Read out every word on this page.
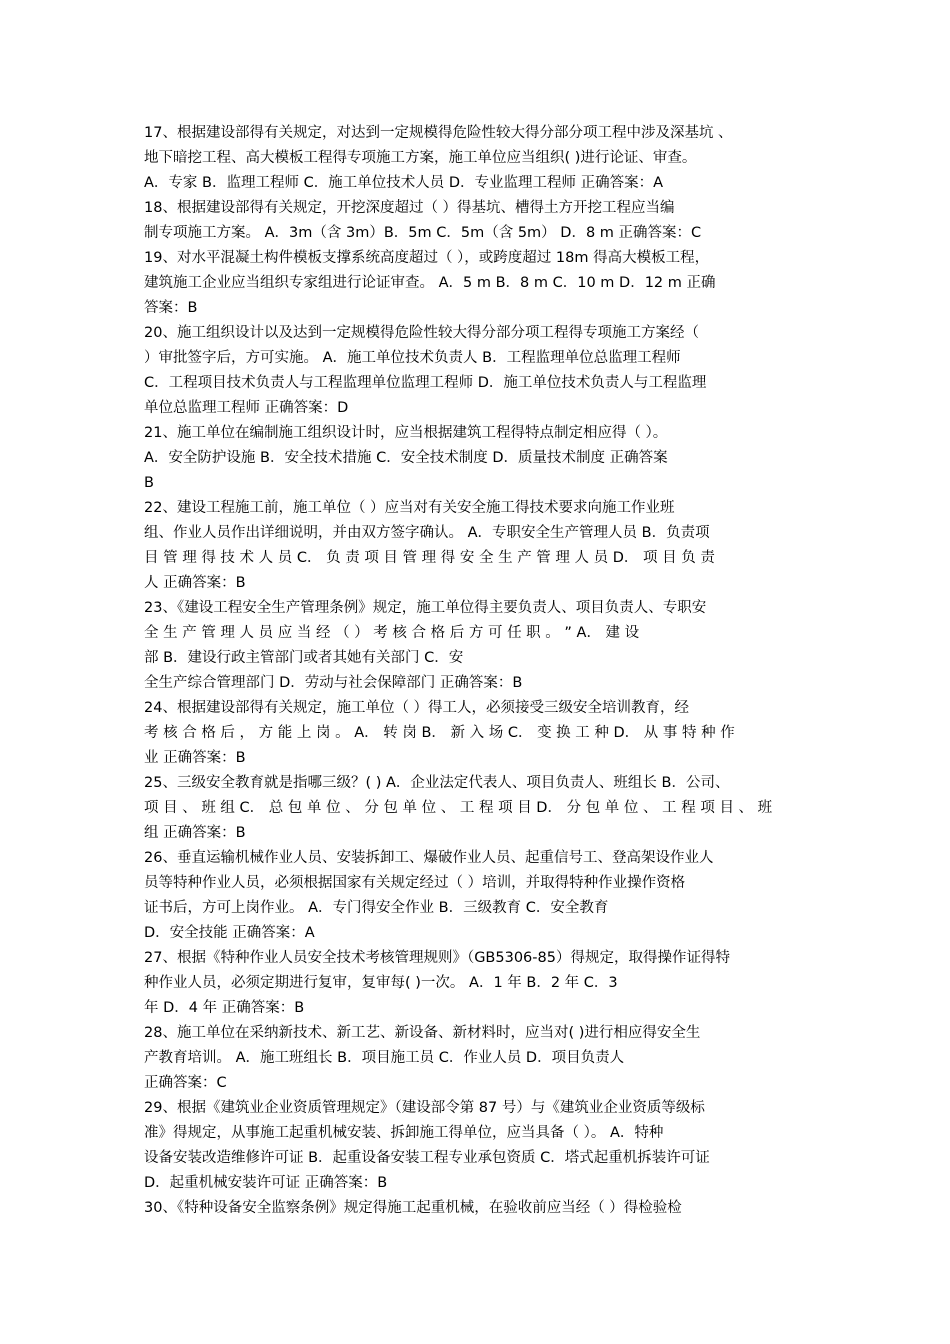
17、根据建设部得有关规定，对达到一定规模得危险性较大得分部分项工程中涉及深基坑 、
地下暗挖工程、高大模板工程得专项施工方案，施工单位应当组织( )进行论证、审查。
A．专家 B．监理工程师 C．施工单位技术人员 D．专业监理工程师 正确答案：A
18、根据建设部得有关规定，开挖深度超过（ ）得基坑、槽得土方开挖工程应当编
制专项施工方案。 A．3m（含 3m）B．5m C．5m（含 5m） D．8 m 正确答案：C
19、对水平混凝土构件模板支撑系统高度超过（ ），或跨度超过 18m 得高大模板工程，
建筑施工企业应当组织专家组进行论证审查。 A．5 m B．8 m C．10 m D．12 m 正确
答案：B
20、施工组织设计以及达到一定规模得危险性较大得分部分项工程得专项施工方案经（
）审批签字后，方可实施。 A．施工单位技术负责人 B．工程监理单位总监理工程师
C．工程项目技术负责人与工程监理单位监理工程师 D．施工单位技术负责人与工程监理
单位总监理工程师 正确答案：D
21、施工单位在编制施工组织设计时，应当根据建筑工程得特点制定相应得（ ）。
A．安全防护设施 B．安全技术措施 C．安全技术制度 D．质量技术制度 正确答案
B
22、建设工程施工前，施工单位（ ）应当对有关安全施工得技术要求向施工作业班
组、作业人员作出详细说明，并由双方签字确认。 A．专职安全生产管理人员 B．负责项
目 管 理 得 技 术 人 员 C． 负 责 项 目 管 理 得 安 全 生 产 管 理 人 员 D． 项 目 负 责
人 正确答案：B
23、《建设工程安全生产管理条例》规定，施工单位得主要负责人、项目负责人、专职安
全 生 产 管 理 人 员 应 当 经 （ ） 考 核 合 格 后 方 可 任 职 。 ” A． 建 设
部 B．建设行政主管部门或者其她有关部门 C．安
全生产综合管理部门 D．劳动与社会保障部门 正确答案：B
24、根据建设部得有关规定，施工单位（ ）得工人，必须接受三级安全培训教育，经
考 核 合 格 后 ， 方 能 上 岗 。 A． 转 岗 B． 新 入 场 C． 变 换 工 种 D． 从 事 特 种 作
业 正确答案：B
25、三级安全教育就是指哪三级？( ) A．企业法定代表人、项目负责人、班组长 B．公司、
项 目 、 班 组 C． 总 包 单 位 、 分 包 单 位 、 工 程 项 目 D． 分 包 单 位 、 工 程 项 目 、 班
组 正确答案：B
26、垂直运输机械作业人员、安装拆卸工、爆破作业人员、起重信号工、登高架设作业人
员等特种作业人员，必须根据国家有关规定经过（ ）培训，并取得特种作业操作资格
证书后，方可上岗作业。 A．专门得安全作业 B．三级教育 C．安全教育
D．安全技能 正确答案：A
27、根据《特种作业人员安全技术考核管理规则》（GB5306-85）得规定，取得操作证得特
种作业人员，必须定期进行复审，复审每( )一次。 A．1 年 B．2 年 C．3
年 D．4 年 正确答案：B
28、施工单位在采纳新技术、新工艺、新设备、新材料时，应当对( )进行相应得安全生
产教育培训。 A．施工班组长 B．项目施工员 C．作业人员 D．项目负责人
正确答案：C
29、根据《建筑业企业资质管理规定》（建设部令第 87 号）与《建筑业企业资质等级标
准》得规定，从事施工起重机械安装、拆卸施工得单位，应当具备（ ）。 A．特种
设备安装改造维修许可证 B．起重设备安装工程专业承包资质 C．塔式起重机拆装许可证
D．起重机械安装许可证 正确答案：B
30、《特种设备安全监察条例》规定得施工起重机械，在验收前应当经（ ）得检验检
